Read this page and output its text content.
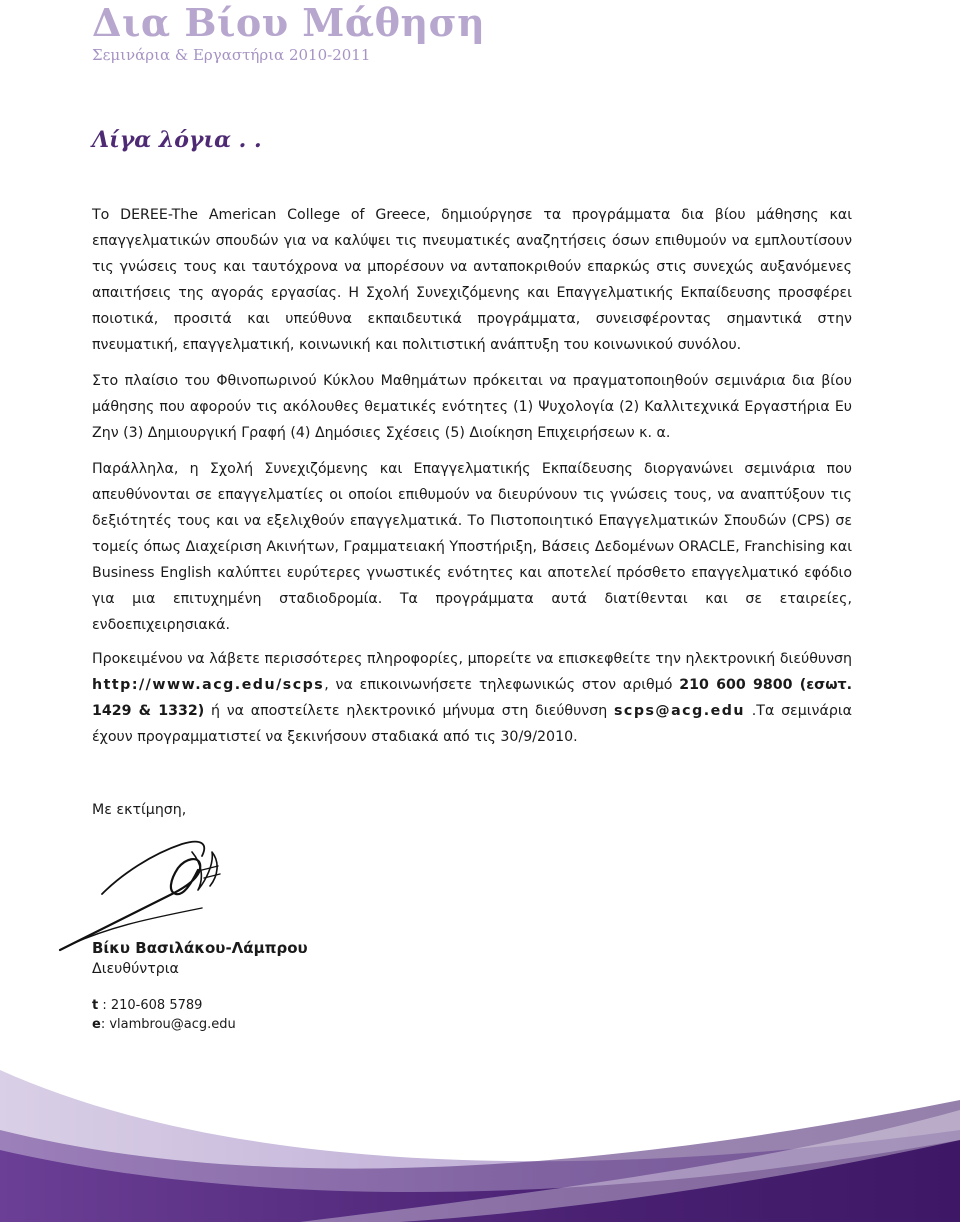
Δια Βίου Μάθηση
Σεμινάρια & Εργαστήρια 2010-2011
Λίγα λόγια . .

Το DEREE-The American College of Greece, δημιούργησε τα προγράμματα δια βίου μάθησης και επαγγελματικών σπουδών για να καλύψει τις πνευματικές αναζητήσεις όσων επιθυμούν να εμπλουτίσουν τις γνώσεις τους και ταυτόχρονα να μπορέσουν να ανταποκριθούν επαρκώς στις συνεχώς αυξανόμενες απαιτήσεις της αγοράς εργασίας. Η Σχολή Συνεχιζόμενης και Επαγγελματικής Εκπαίδευσης προσφέρει ποιοτικά, προσιτά και υπεύθυνα εκπαιδευτικά προγράμματα, συνεισφέροντας σημαντικά στην πνευματική, επαγγελματική, κοινωνική και πολιτιστική ανάπτυξη του κοινωνικού συνόλου.

Στο πλαίσιο του Φθινοπωρινού Κύκλου Μαθημάτων πρόκειται να πραγματοποιηθούν σεμινάρια δια βίου μάθησης που αφορούν τις ακόλουθες θεματικές ενότητες (1) Ψυχολογία (2) Καλλιτεχνικά Εργαστήρια Ευ Ζην (3) Δημιουργική Γραφή (4) Δημόσιες Σχέσεις (5) Διοίκηση Επιχειρήσεων κ. α.

Παράλληλα, η Σχολή Συνεχιζόμενης και Επαγγελματικής Εκπαίδευσης διοργανώνει σεμινάρια που απευθύνονται σε επαγγελματίες οι οποίοι επιθυμούν να διευρύνουν τις γνώσεις τους, να αναπτύξουν τις δεξιότητές τους και να εξελιχθούν επαγγελματικά. Το Πιστοποιητικό Επαγγελματικών Σπουδών (CPS) σε τομείς όπως Διαχείριση Ακινήτων, Γραμματειακή Υποστήριξη, Βάσεις Δεδομένων ORACLE, Franchising και Business English καλύπτει ευρύτερες γνωστικές ενότητες και αποτελεί πρόσθετο επαγγελματικό εφόδιο για μια επιτυχημένη σταδιοδρομία. Τα προγράμματα αυτά διατίθενται και σε εταιρείες, ενδοεπιχειρησιακά.

Προκειμένου να λάβετε περισσότερες πληροφορίες, μπορείτε να επισκεφθείτε την ηλεκτρονική διεύθυνση http://www.acg.edu/scps, να επικοινωνήσετε τηλεφωνικώς στον αριθμό 210 600 9800 (εσωτ. 1429 & 1332) ή να αποστείλετε ηλεκτρονικό μήνυμα στη διεύθυνση scps@acg.edu .Τα σεμινάρια έχουν προγραμματιστεί να ξεκινήσουν σταδιακά από τις 30/9/2010.

Με εκτίμηση,
Βίκυ Βασιλάκου-Λάμπρου
Διευθύντρια
t : 210-608 5789
e: vlambrou@acg.edu
